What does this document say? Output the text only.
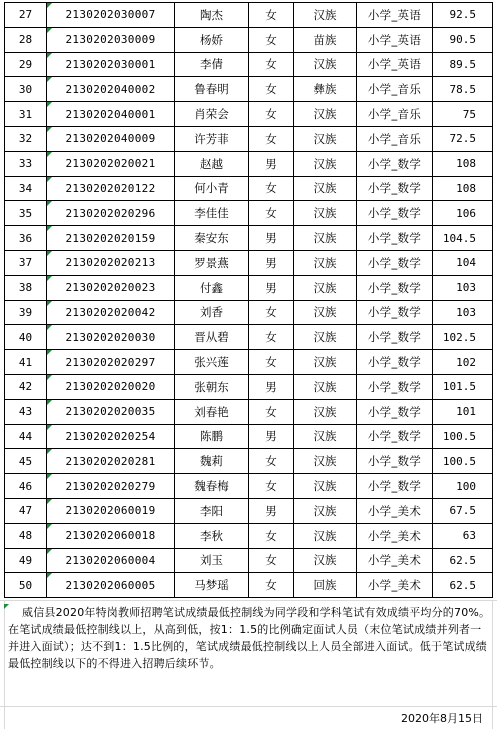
27	2130202030007	陶杰	女	汉族	小学_英语	92.5
28	2130202030009	杨娇	女	苗族	小学_英语	90.5
29	2130202030001	李倩	女	汉族	小学_英语	89.5
30	2130202040002	鲁春明	女	彝族	小学_音乐	78.5
31	2130202040001	肖荣会	女	汉族	小学_音乐	75
32	2130202040009	许芳菲	女	汉族	小学_音乐	72.5
33	2130202020021	赵越	男	汉族	小学_数学	108
34	2130202020122	何小青	女	汉族	小学_数学	108
35	2130202020296	李佳佳	女	汉族	小学_数学	106
36	2130202020159	秦安东	男	汉族	小学_数学	104.5
37	2130202020213	罗景燕	男	汉族	小学_数学	104
38	2130202020023	付鑫	男	汉族	小学_数学	103
39	2130202020042	刘香	女	汉族	小学_数学	103
40	2130202020030	晋从碧	女	汉族	小学_数学	102.5
41	2130202020297	张兴莲	女	汉族	小学_数学	102
42	2130202020020	张朝东	男	汉族	小学_数学	101.5
43	2130202020035	刘春艳	女	汉族	小学_数学	101
44	2130202020254	陈鹏	男	汉族	小学_数学	100.5
45	2130202020281	魏莉	女	汉族	小学_数学	100.5
46	2130202020279	魏春梅	女	汉族	小学_数学	100
47	2130202060019	李阳	男	汉族	小学_美术	67.5
48	2130202060018	李秋	女	汉族	小学_美术	63
49	2130202060004	刘玉	女	汉族	小学_美术	62.5
50	2130202060005	马梦瑶	女	回族	小学_美术	62.5
威信县2020年特岗教师招聘笔试成绩最低控制线为同学段和学科笔试有效成绩平均分的70%。在笔试成绩最低控制线以上，从高到低，按1：1.5的比例确定面试人员（末位笔试成绩并列者一并进入面试）；达不到1：1.5比例的，笔试成绩最低控制线以上人员全部进入面试。低于笔试成绩最低控制线以下的不得进入招聘后续环节。
2020年8月15日
